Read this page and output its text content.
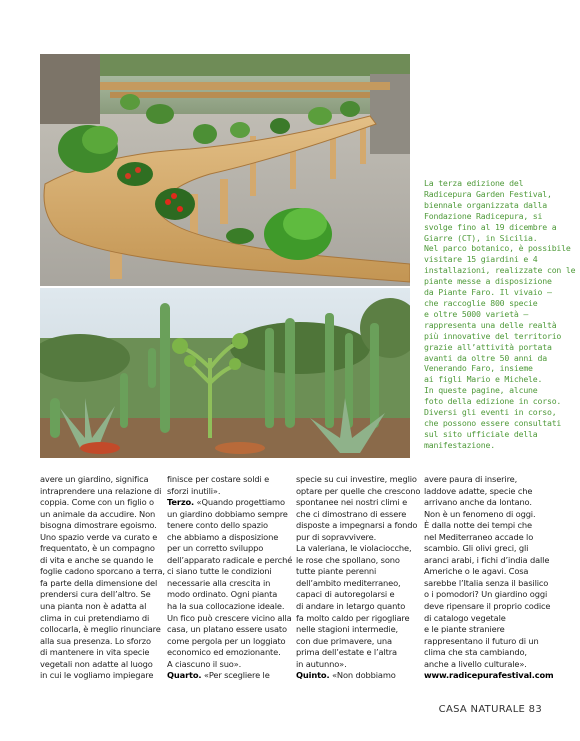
La terza edizione del
Radicepura Garden Festival,
biennale organizzata dalla
Fondazione Radicepura, si
svolge fino al 19 dicembre a
Giarre (CT), in Sicilia.
Nel parco botanico, è possibile
visitare 15 giardini e 4
installazioni, realizzate con le
piante messe a disposizione
da Piante Faro. Il vivaio –
che raccoglie 800 specie
e oltre 5000 varietà –
rappresenta una delle realtà
più innovative del territorio
grazie all’attività portata
avanti da oltre 50 anni da
Venerando Faro, insieme
ai figli Mario e Michele.
In queste pagine, alcune
foto della edizione in corso.
Diversi gli eventi in corso,
che possono essere consultati
sul sito ufficiale della
manifestazione.
avere un giardino, significa
intraprendere una relazione di
coppia. Come con un figlio o
un animale da accudire. Non
bisogna dimostrare egoismo.
Uno spazio verde va curato e
frequentato, è un compagno
di vita e anche se quando le
foglie cadono sporcano a terra,
fa parte della dimensione del
prendersi cura dell’altro. Se
una pianta non è adatta al
clima in cui pretendiamo di
collocarla, è meglio rinunciare
alla sua presenza. Lo sforzo
di mantenere in vita specie
vegetali non adatte al luogo
in cui le vogliamo impiegare
finisce per costare soldi e
sforzi inutili».
Terzo. «Quando progettiamo
un giardino dobbiamo sempre
tenere conto dello spazio
che abbiamo a disposizione
per un corretto sviluppo
dell’apparato radicale e perché
ci siano tutte le condizioni
necessarie alla crescita in
modo ordinato. Ogni pianta
ha la sua collocazione ideale.
Un fico può crescere vicino alla
casa, un platano essere usato
come pergola per un loggiato
economico ed emozionante.
A ciascuno il suo».
Quarto. «Per scegliere le
specie su cui investire, meglio
optare per quelle che crescono
spontanee nei nostri climi e
che ci dimostrano di essere
disposte a impegnarsi a fondo
pur di sopravvivere.
La valeriana, le violaciocche,
le rose che spollano, sono
tutte piante perenni
dell’ambito mediterraneo,
capaci di autoregolarsi e
di andare in letargo quanto
fa molto caldo per rigogliare
nelle stagioni intermedie,
con due primavere, una
prima dell’estate e l’altra
in autunno».
Quinto. «Non dobbiamo
avere paura di inserire,
laddove adatte, specie che
arrivano anche da lontano.
Non è un fenomeno di oggi.
È dalla notte dei tempi che
nel Mediterraneo accade lo
scambio. Gli olivi greci, gli
aranci arabi, i fichi d’india dalle
Americhe o le agavi. Cosa
sarebbe l’Italia senza il basilico
o i pomodori? Un giardino oggi
deve ripensare il proprio codice
di catalogo vegetale
e le piante straniere
rappresentano il futuro di un
clima che sta cambiando,
anche a livello culturale».
www.radicepurafestival.com
CASA NATURALE 83
